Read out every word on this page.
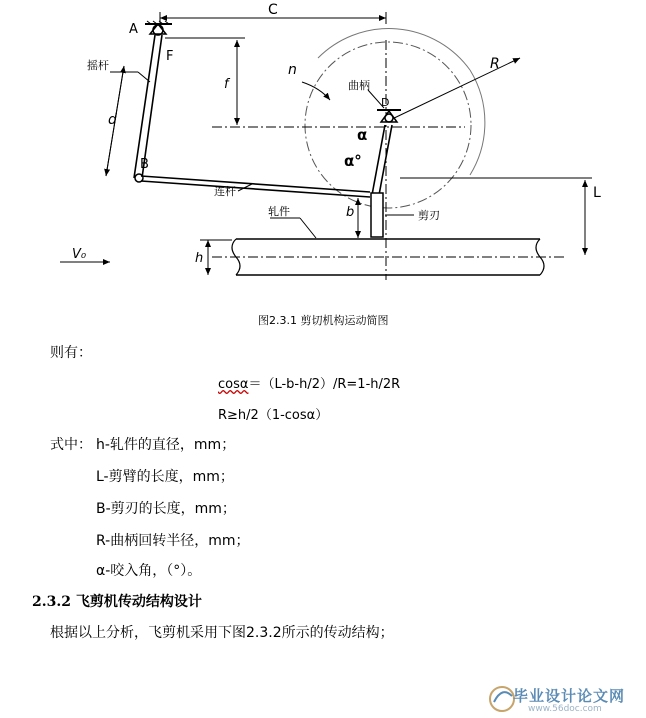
A
F
B
C
D
f
d
b
h
L
R
n
α
α°
V₀
摇杆
曲柄
连杆
轧件	剪刃
图2.3.1 剪切机构运动简图
则有：
cosα＝（L-b-h/2）/R=1-h/2R
R≥h/2（1-cosα）
式中： h-轧件的直径，mm；
L-剪臂的长度，mm；
B-剪刃的长度，mm；
R-曲柄回转半径，mm；
α-咬入角，（°）。
2.3.2 飞剪机传动结构设计
根据以上分析，飞剪机采用下图2.3.2所示的传动结构；
毕业设计论文网
www.56doc.com
